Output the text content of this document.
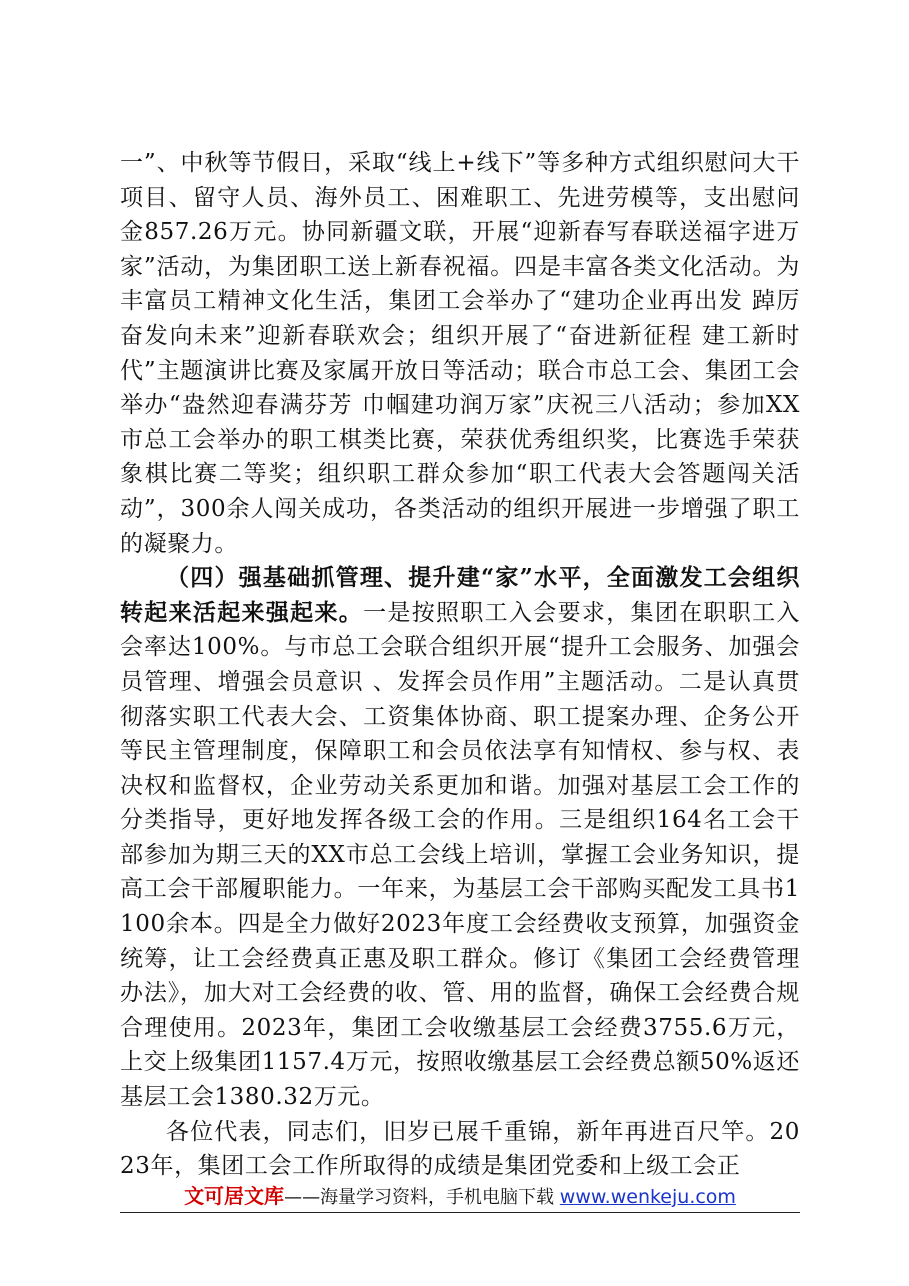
一”、中秋等节假日，采取“线上+线下”等多种方式组织慰问大干项目、留守人员、海外员工、困难职工、先进劳模等，支出慰问金857.26万元。协同新疆文联，开展“迎新春写春联送福字进万家”活动，为集团职工送上新春祝福。四是丰富各类文化活动。为丰富员工精神文化生活，集团工会举办了“建功企业再出发 踔厉奋发向未来”迎新春联欢会；组织开展了“奋进新征程 建工新时代”主题演讲比赛及家属开放日等活动；联合市总工会、集团工会举办“盎然迎春满芬芳 巾帼建功润万家”庆祝三八活动；参加XX市总工会举办的职工棋类比赛，荣获优秀组织奖，比赛选手荣获象棋比赛二等奖；组织职工群众参加“职工代表大会答题闯关活动”，300余人闯关成功，各类活动的组织开展进一步增强了职工的凝聚力。

（四）强基础抓管理、提升建“家”水平，全面激发工会组织转起来活起来强起来。一是按照职工入会要求，集团在职职工入会率达100%。与市总工会联合组织开展“提升工会服务、加强会员管理、增强会员意识 、发挥会员作用”主题活动。二是认真贯彻落实职工代表大会、工资集体协商、职工提案办理、企务公开等民主管理制度，保障职工和会员依法享有知情权、参与权、表决权和监督权，企业劳动关系更加和谐。加强对基层工会工作的分类指导，更好地发挥各级工会的作用。三是组织164名工会干部参加为期三天的XX市总工会线上培训，掌握工会业务知识，提高工会干部履职能力。一年来，为基层工会干部购买配发工具书1100余本。四是全力做好2023年度工会经费收支预算，加强资金统筹，让工会经费真正惠及职工群众。修订《集团工会经费管理办法》，加大对工会经费的收、管、用的监督，确保工会经费合规合理使用。2023年，集团工会收缴基层工会经费3755.6万元，上交上级集团1157.4万元，按照收缴基层工会经费总额50%返还基层工会1380.32万元。

各位代表，同志们，旧岁已展千重锦，新年再进百尺竿。2023年，集团工会工作所取得的成绩是集团党委和上级工会正

文可居文库——海量学习资料，手机电脑下载 www.wenkeju.com
